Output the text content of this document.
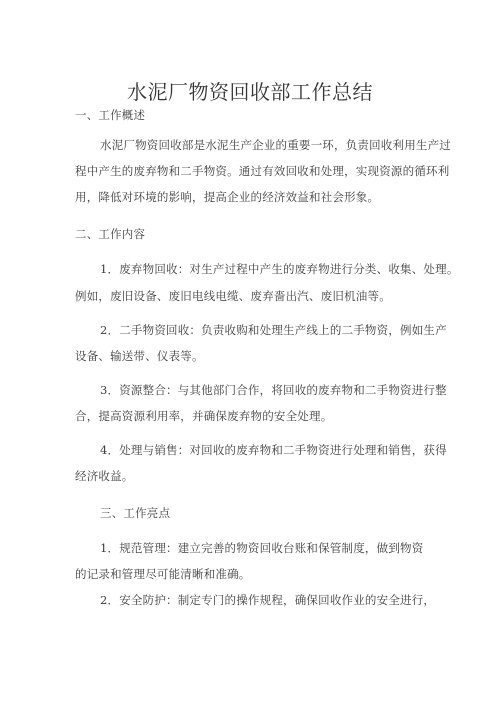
水泥厂物资回收部工作总结
一、工作概述
水泥厂物资回收部是水泥生产企业的重要一环，负责回收利用生产过
程中产生的废弃物和二手物资。通过有效回收和处理，实现资源的循环利
用，降低对环境的影响，提高企业的经济效益和社会形象。
二、工作内容
1．废弃物回收：对生产过程中产生的废弃物进行分类、收集、处理。
例如，废旧设备、废旧电线电缆、废弃嗇出汽、废旧机油等。
2．二手物资回收：负责收购和处理生产线上的二手物资，例如生产
设备、输送带、仪表等。
3．资源整合：与其他部门合作，将回收的废弃物和二手物资进行整
合，提高资源利用率，并确保废弃物的安全处理。
4．处理与销售：对回收的废弃物和二手物资进行处理和销售，获得
经济收益。
三、工作亮点
1．规范管理：建立完善的物资回收台账和保管制度，做到物资
的记录和管理尽可能清晰和准确。
2．安全防护：制定专门的操作规程，确保回收作业的安全进行，
